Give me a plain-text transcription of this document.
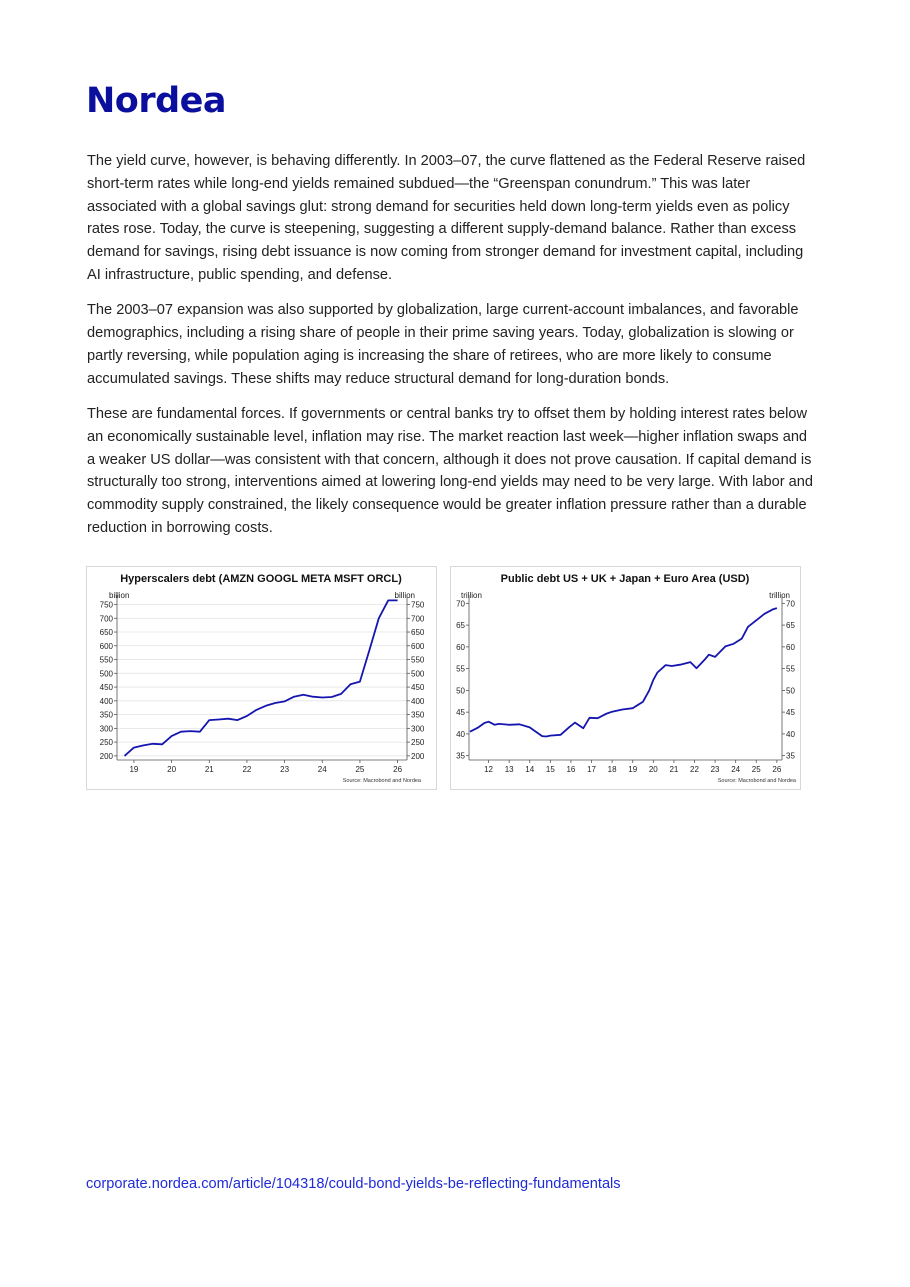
Nordea

The yield curve, however, is behaving differently. In 2003–07, the curve flattened as the Federal Reserve raised short-term rates while long-end yields remained subdued—the “Greenspan conundrum.” This was later associated with a global savings glut: strong demand for securities held down long-term yields even as policy rates rose. Today, the curve is steepening, suggesting a different supply-demand balance. Rather than excess demand for savings, rising debt issuance is now coming from stronger demand for investment capital, including AI infrastructure, public spending, and defense.

The 2003–07 expansion was also supported by globalization, large current-account imbalances, and favorable demographics, including a rising share of people in their prime saving years. Today, globalization is slowing or partly reversing, while population aging is increasing the share of retirees, who are more likely to consume accumulated savings. These shifts may reduce structural demand for long-duration bonds.

These are fundamental forces. If governments or central banks try to offset them by holding interest rates below an economically sustainable level, inflation may rise. The market reaction last week—higher inflation swaps and a weaker US dollar—was consistent with that concern, although it does not prove causation. If capital demand is structurally too strong, interventions aimed at lowering long-end yields may need to be very large. With labor and commodity supply constrained, the likely consequence would be greater inflation pressure rather than a durable reduction in borrowing costs.

Hyperscalers debt (AMZN GOOGL META MSFT ORCL)
billion	billion
200	200
250	250
300	300
350	350
400	400
450	450
500	500
550	550
600	600
650	650
700	700
750	750
19	20	21	22	23	24	25	26
Source: Macrobond and Nordea
Public debt US + UK + Japan + Euro Area (USD)
trillion	trillion
35	35
40	40
45	45
50	50
55	55
60	60
65	65
70	70
12 13 14 15 16 17 18 19 20 21 22 23 24 25 26
Source: Macrobond and Nordea
corporate.nordea.com/article/104318/could-bond-yields-be-reflecting-fundamentals
